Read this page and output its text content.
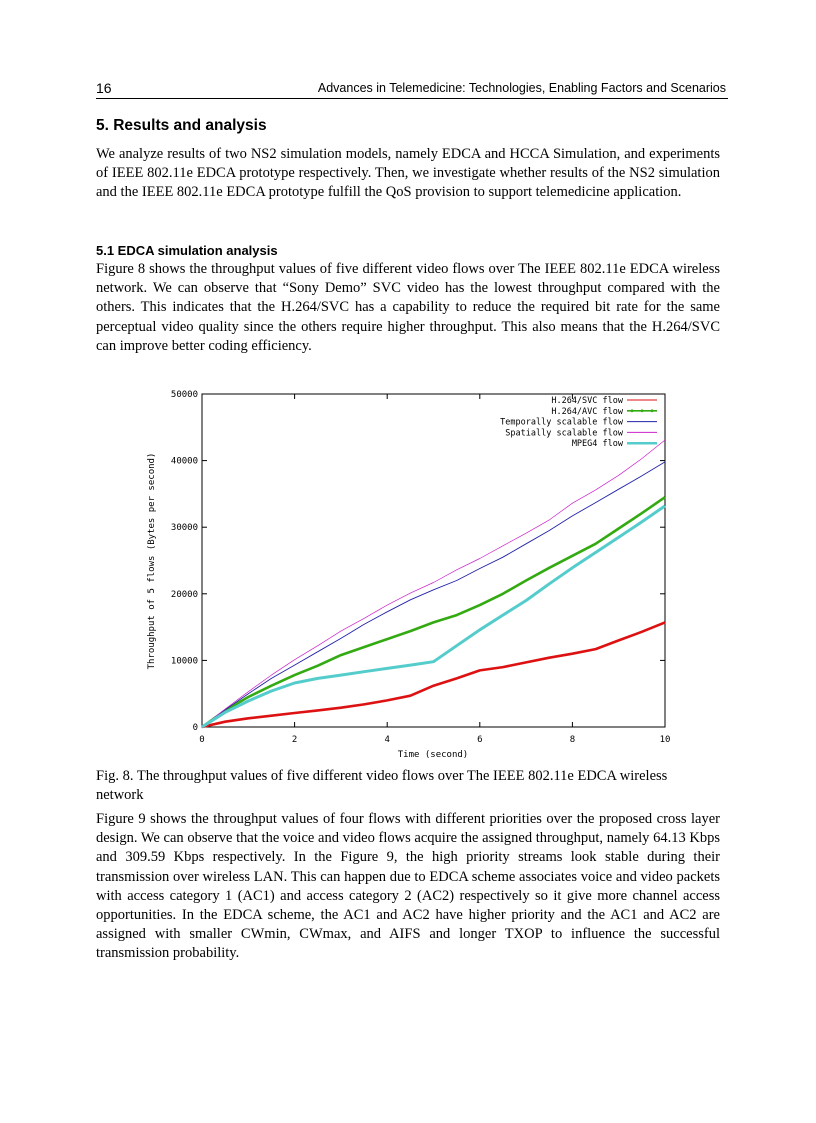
16	Advances in Telemedicine: Technologies, Enabling Factors and Scenarios
5. Results and analysis

We analyze results of two NS2 simulation models, namely EDCA and HCCA Simulation, and experiments of IEEE 802.11e EDCA prototype respectively. Then, we investigate whether results of the NS2 simulation and the IEEE 802.11e EDCA prototype fulfill the QoS provision to support telemedicine application.

5.1 EDCA simulation analysis

Figure 8 shows the throughput values of five different video flows over The IEEE 802.11e EDCA wireless network. We can observe that “Sony Demo” SVC video has the lowest throughput compared with the others. This indicates that the H.264/SVC has a capability to reduce the required bit rate for the same perceptual video quality since the others require higher throughput. This also means that the H.264/SVC can improve better coding efficiency.

0	2	4	6	8	10
0
10000
20000
30000
40000
50000
H.264/SVC flow
H.264/AVC flow
Temporally scalable flow
Spatially scalable flow
MPEG4 flow
Time (second)
Throughput of 5 flows (Bytes per second)

Fig. 8. The throughput values of five different video flows over The IEEE 802.11e EDCA wireless network

Figure 9 shows the throughput values of four flows with different priorities over the proposed cross layer design. We can observe that the voice and video flows acquire the assigned throughput, namely 64.13 Kbps and 309.59 Kbps respectively. In the Figure 9, the high priority streams look stable during their transmission over wireless LAN. This can happen due to EDCA scheme associates voice and video packets with access category 1 (AC1) and access category 2 (AC2) respectively so it give more channel access opportunities. In the EDCA scheme, the AC1 and AC2 have higher priority and the AC1 and AC2 are assigned with smaller CWmin, CWmax, and AIFS and longer TXOP to influence the successful transmission probability.
